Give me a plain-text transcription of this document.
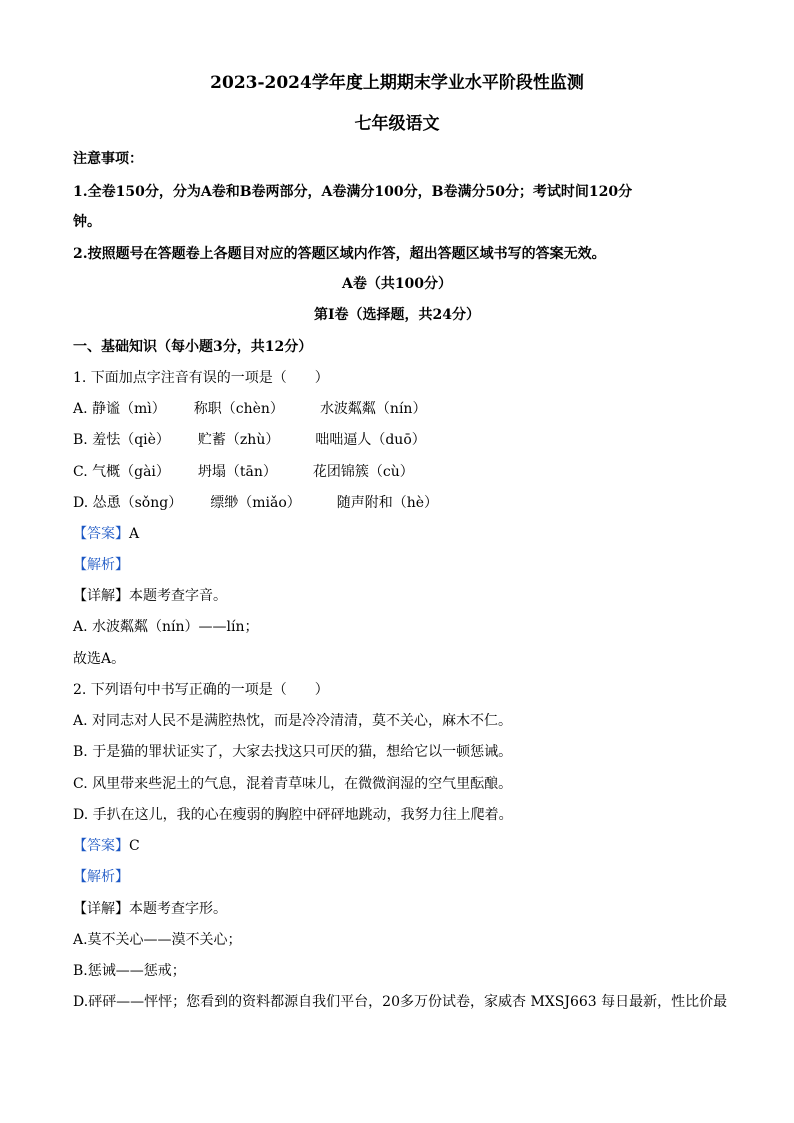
2023-2024学年度上期期末学业水平阶段性监测
七年级语文
注意事项：
1.全卷150分，分为A卷和B卷两部分，A卷满分100分，B卷满分50分；考试时间120分
钟。
2.按照题号在答题卷上各题目对应的答题区域内作答，超出答题区域书写的答案无效。
A卷（共100分）
第Ⅰ卷（选择题，共24分）
一、基础知识（每小题3分，共12分）
1. 下面加点字注音有误的一项是（　　）
A. 静谧（mì） 称职（chèn）	水波粼粼（nín）
B. 羞怯（qiè） 贮蓄（zhù）	咄咄逼人（duō）
C. 气概（gài） 坍塌（tān）	花团锦簇（cù）
D. 怂恿（sǒng） 缥缈（miǎo）	随声附和（hè）
【答案】A
【解析】
【详解】本题考查字音。
A. 水波粼粼（nín）——lín；
故选A。
2. 下列语句中书写正确的一项是（　　）
A. 对同志对人民不是满腔热忱，而是冷冷清清，莫不关心，麻木不仁。
B. 于是猫的罪状证实了，大家去找这只可厌的猫，想给它以一顿惩诫。
C. 风里带来些泥土的气息，混着青草味儿，在微微润湿的空气里酝酿。
D. 手扒在这儿，我的心在瘦弱的胸腔中砰砰地跳动，我努力往上爬着。
【答案】C
【解析】
【详解】本题考查字形。
A.莫不关心——漠不关心；
B.惩诫——惩戒；
D.砰砰——怦怦；您看到的资料都源自我们平台，20多万份试卷，家威杏 MXSJ663 每日最新，性比价最
